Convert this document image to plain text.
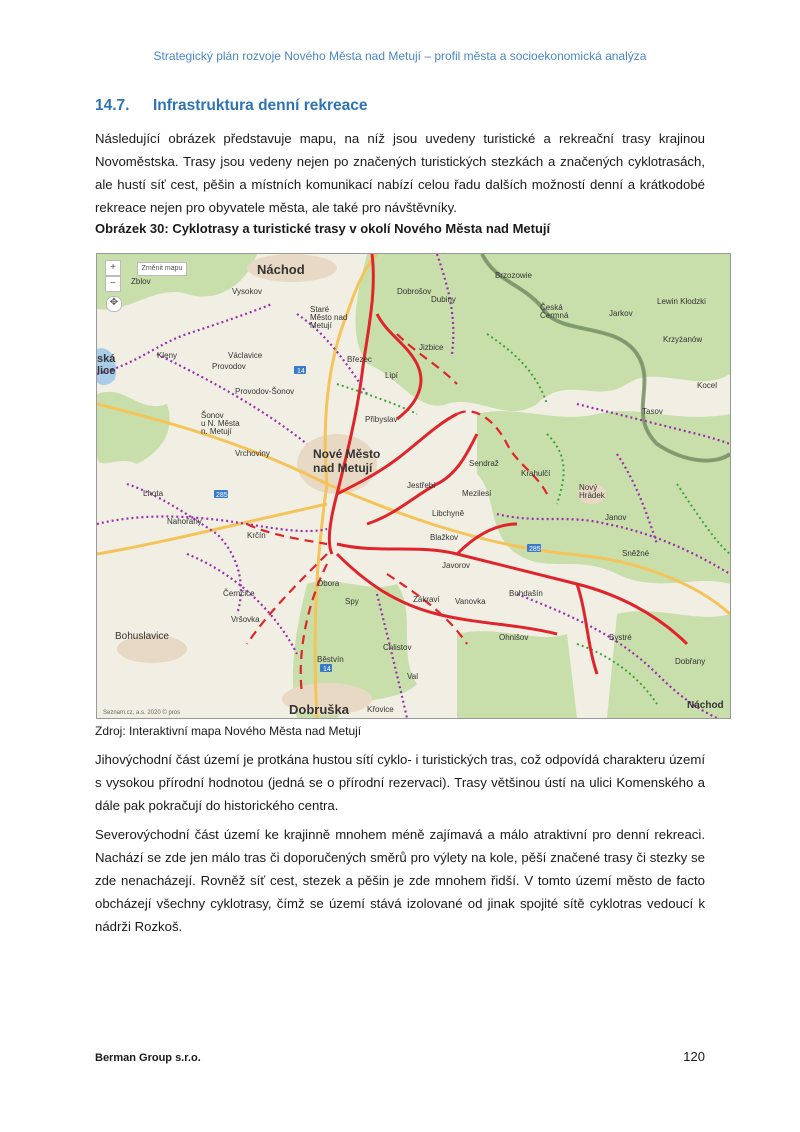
Strategický plán rozvoje Nového Města nad Metují – profil města a socioekonomická analýza
14.7. Infrastruktura denní rekreace
Následující obrázek představuje mapu, na níž jsou uvedeny turistické a rekreační trasy krajinou Novoměstska. Trasy jsou vedeny nejen po značených turistických stezkách a značených cyklotrasách, ale hustí síť cest, pěšin a místních komunikací nabízí celou řadu dalších možností denní a krátkodobé rekreace nejen pro obyvatele města, ale také pro návštěvníky.
Obrázek 30: Cyklotrasy a turistické trasy v okolí Nového Města nad Metují
Náchod
Nové Město
nad Metují
Dobruška
Bohuslavice
Kleny
Provodov
Provodov-Šonov
Václavice
Šonov
u N. Města
n. Metují
Vysokov
Staré
Město nad
Metují
Březec
Přibyslav
Jestřebí
Libchyně
Mezilesí
Sendraž
Krahulčí
Nový
Hrádek
Blažkov
Javorov
Zákraví Vanovka
Bohdašín
Ohnišov
Chlistov
Val
Křovice
Běstvín
Vršovka
Černčice
Nahořany
Lhota
Krčín
Vrchoviny
Česká
Čermná
Sněžné
Bystré
Dobřany
Tasov
Kocel
Janov
Lewin Kłodzki
Krzyżanów
Jarkov
Brzozowie
Lipí
Jizbice
Dubiny
Zblov
Dobrošov
ská
lice
Obora
Spy
Náchod
285
14
14
285
Seznam.cz, a.s. 2020 © pros
+
−
Změnit mapu
✥
Zdroj: Interaktivní mapa Nového Města nad Metují
Jihovýchodní část území je protkána hustou sítí cyklo- i turistických tras, což odpovídá charakteru území s vysokou přírodní hodnotou (jedná se o přírodní rezervaci). Trasy většinou ústí na ulici Komenského a dále pak pokračují do historického centra.
Severovýchodní část území ke krajinně mnohem méně zajímavá a málo atraktivní pro denní rekreaci. Nachází se zde jen málo tras či doporučených směrů pro výlety na kole, pěší značené trasy či stezky se zde nenacházejí. Rovněž síť cest, stezek a pěšin je zde mnohem řidší. V tomto území město de facto obcházejí všechny cyklotrasy, čímž se území stává izolované od jinak spojité sítě cyklotras vedoucí k nádrži Rozkoš.
Berman Group s.r.o.	120
